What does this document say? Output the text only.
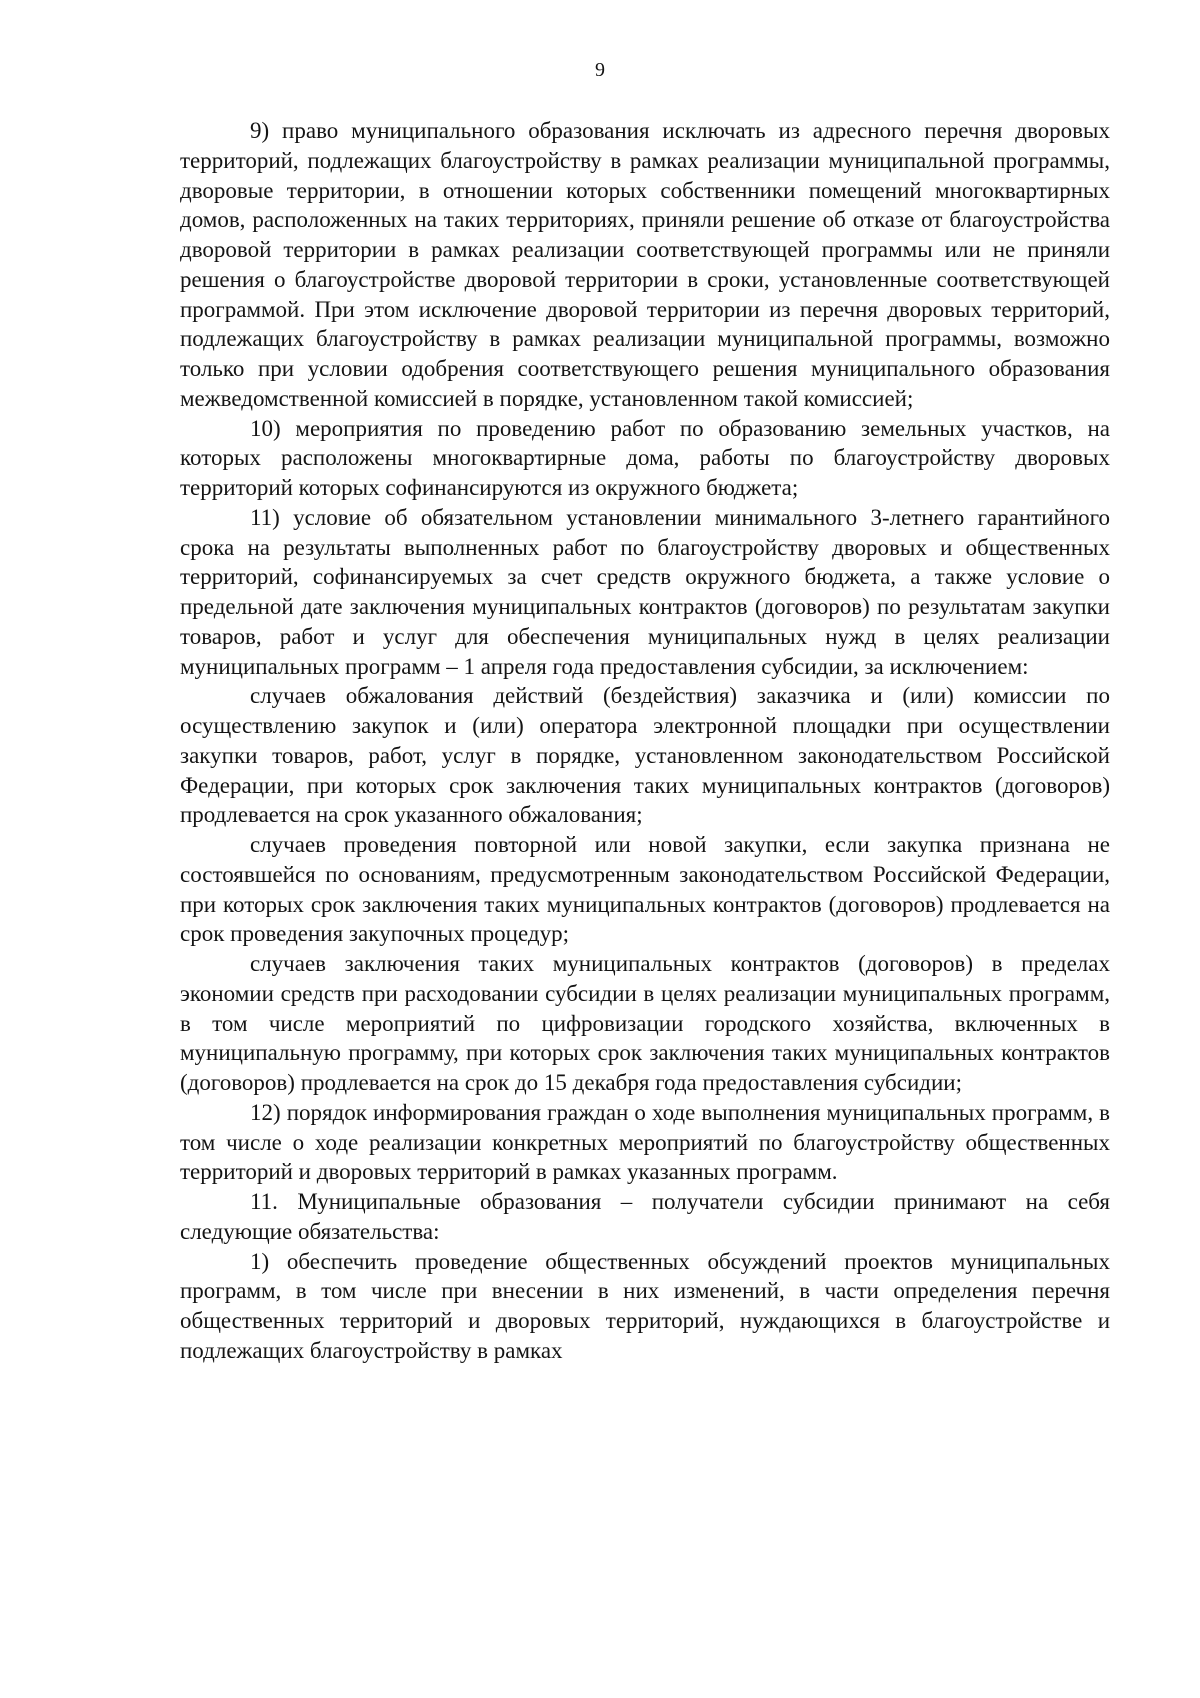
9

9) право муниципального образования исключать из адресного перечня дворовых территорий, подлежащих благоустройству в рамках реализации муниципальной программы, дворовые территории, в отношении которых собственники помещений многоквартирных домов, расположенных на таких территориях, приняли решение об отказе от благоустройства дворовой территории в рамках реализации соответствующей программы или не приняли решения о благоустройстве дворовой территории в сроки, установленные соответствующей программой. При этом исключение дворовой территории из перечня дворовых территорий, подлежащих благоустройству в рамках реализации муниципальной программы, возможно только при условии одобрения соответствующего решения муниципального образования межведомственной комиссией в порядке, установленном такой комиссией;

10) мероприятия по проведению работ по образованию земельных участков, на которых расположены многоквартирные дома, работы по благоустройству дворовых территорий которых софинансируются из окружного бюджета;

11) условие об обязательном установлении минимального 3-летнего гарантийного срока на результаты выполненных работ по благоустройству дворовых и общественных территорий, софинансируемых за счет средств окружного бюджета, а также условие о предельной дате заключения муниципальных контрактов (договоров) по результатам закупки товаров, работ и услуг для обеспечения муниципальных нужд в целях реализации муниципальных программ – 1 апреля года предоставления субсидии, за исключением:

случаев обжалования действий (бездействия) заказчика и (или) комиссии по осуществлению закупок и (или) оператора электронной площадки при осуществлении закупки товаров, работ, услуг в порядке, установленном законодательством Российской Федерации, при которых срок заключения таких муниципальных контрактов (договоров) продлевается на срок указанного обжалования;

случаев проведения повторной или новой закупки, если закупка признана не состоявшейся по основаниям, предусмотренным законодательством Российской Федерации, при которых срок заключения таких муниципальных контрактов (договоров) продлевается на срок проведения закупочных процедур;

случаев заключения таких муниципальных контрактов (договоров) в пределах экономии средств при расходовании субсидии в целях реализации муниципальных программ, в том числе мероприятий по цифровизации городского хозяйства, включенных в муниципальную программу, при которых срок заключения таких муниципальных контрактов (договоров) продлевается на срок до 15 декабря года предоставления субсидии;

12) порядок информирования граждан о ходе выполнения муниципальных программ, в том числе о ходе реализации конкретных мероприятий по благоустройству общественных территорий и дворовых территорий в рамках указанных программ.

11. Муниципальные образования – получатели субсидии принимают на себя следующие обязательства:

1) обеспечить проведение общественных обсуждений проектов муниципальных программ, в том числе при внесении в них изменений, в части определения перечня общественных территорий и дворовых территорий, нуждающихся в благоустройстве и подлежащих благоустройству в рамках
